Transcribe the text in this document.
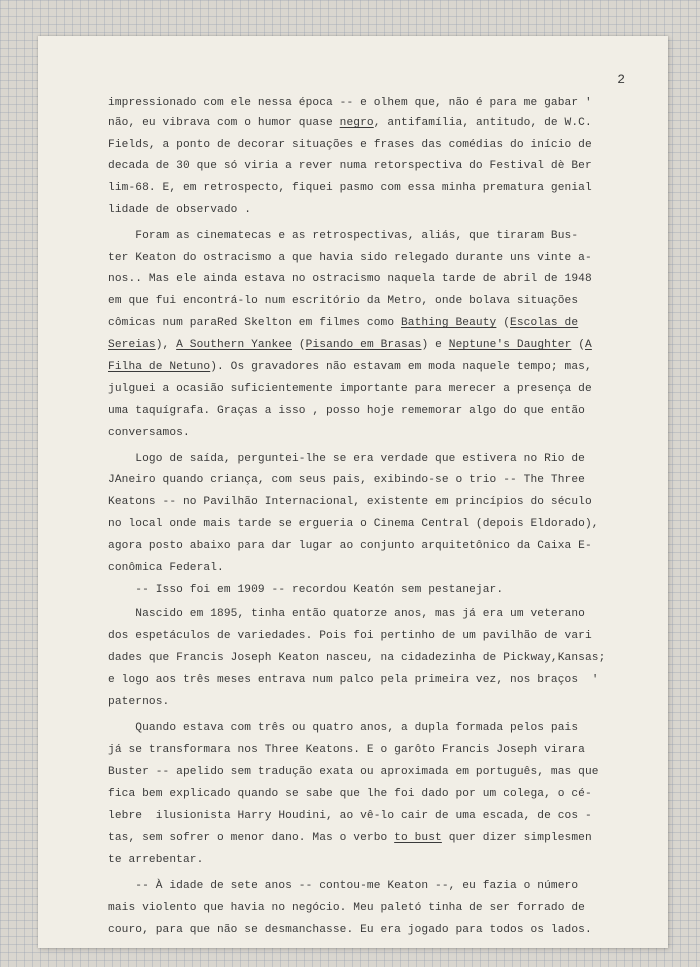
2
impressionado com ele nessa época -- e olhem que, não é para me gabar '
não, eu vibrava com o humor quase negro, antifamília, antitudo, de W.C.
Fields, a ponto de decorar situações e frases das comédias do início de
decada de 30 que só viria a rever numa retorspectiva do Festival dè Ber
lim-68. E, em retrospecto, fiquei pasmo com essa minha prematura genial
lidade de observado .
Foram as cinematecas e as retrospectivas, aliás, que tiraram Bus-
ter Keaton do ostracismo a que havia sido relegado durante uns vinte a-
nos.. Mas ele ainda estava no ostracismo naquela tarde de abril de 1948
em que fui encontrá-lo num escritório da Metro, onde bolava situações
cômicas num paraRed Skelton em filmes como Bathing Beauty (Escolas de
Sereias), A Southern Yankee (Pisando em Brasas) e Neptune's Daughter (A
Filha de Netuno). Os gravadores não estavam em moda naquele tempo; mas,
julguei a ocasião suficientemente importante para merecer a presença de
uma taquígrafa. Graças a isso , posso hoje rememorar algo do que então
conversamos.
Logo de saída, perguntei-lhe se era verdade que estivera no Rio de
JAneiro quando criança, com seus pais, exibindo-se o trio -- The Three
Keatons -- no Pavilhão Internacional, existente em princípios do século
no local onde mais tarde se ergueria o Cinema Central (depois Eldorado),
agora posto abaixo para dar lugar ao conjunto arquitetônico da Caixa E-
conômica Federal.
-- Isso foi em 1909 -- recordou Keatón sem pestanejar.
Nascido em 1895, tinha então quatorze anos, mas já era um veterano
dos espetáculos de variedades. Pois foi pertinho de um pavilhão de vari
dades que Francis Joseph Keaton nasceu, na cidadezinha de Pickway,Kansas;
e logo aos três meses entrava num palco pela primeira vez, nos braços  '
paternos.
Quando estava com três ou quatro anos, a dupla formada pelos pais
já se transformara nos Three Keatons. E o garôto Francis Joseph virara
Buster -- apelido sem tradução exata ou aproximada em português, mas que
fica bem explicado quando se sabe que lhe foi dado por um colega, o cé-
lebre  ilusionista Harry Houdini, ao vê-lo cair de uma escada, de cos -
tas, sem sofrer o menor dano. Mas o verbo to bust quer dizer simplesmen
te arrebentar.
-- À idade de sete anos -- contou-me Keaton --, eu fazia o número
mais violento que havia no negócio. Meu paletó tinha de ser forrado de
couro, para que não se desmanchasse. Eu era jogado para todos os lados.
